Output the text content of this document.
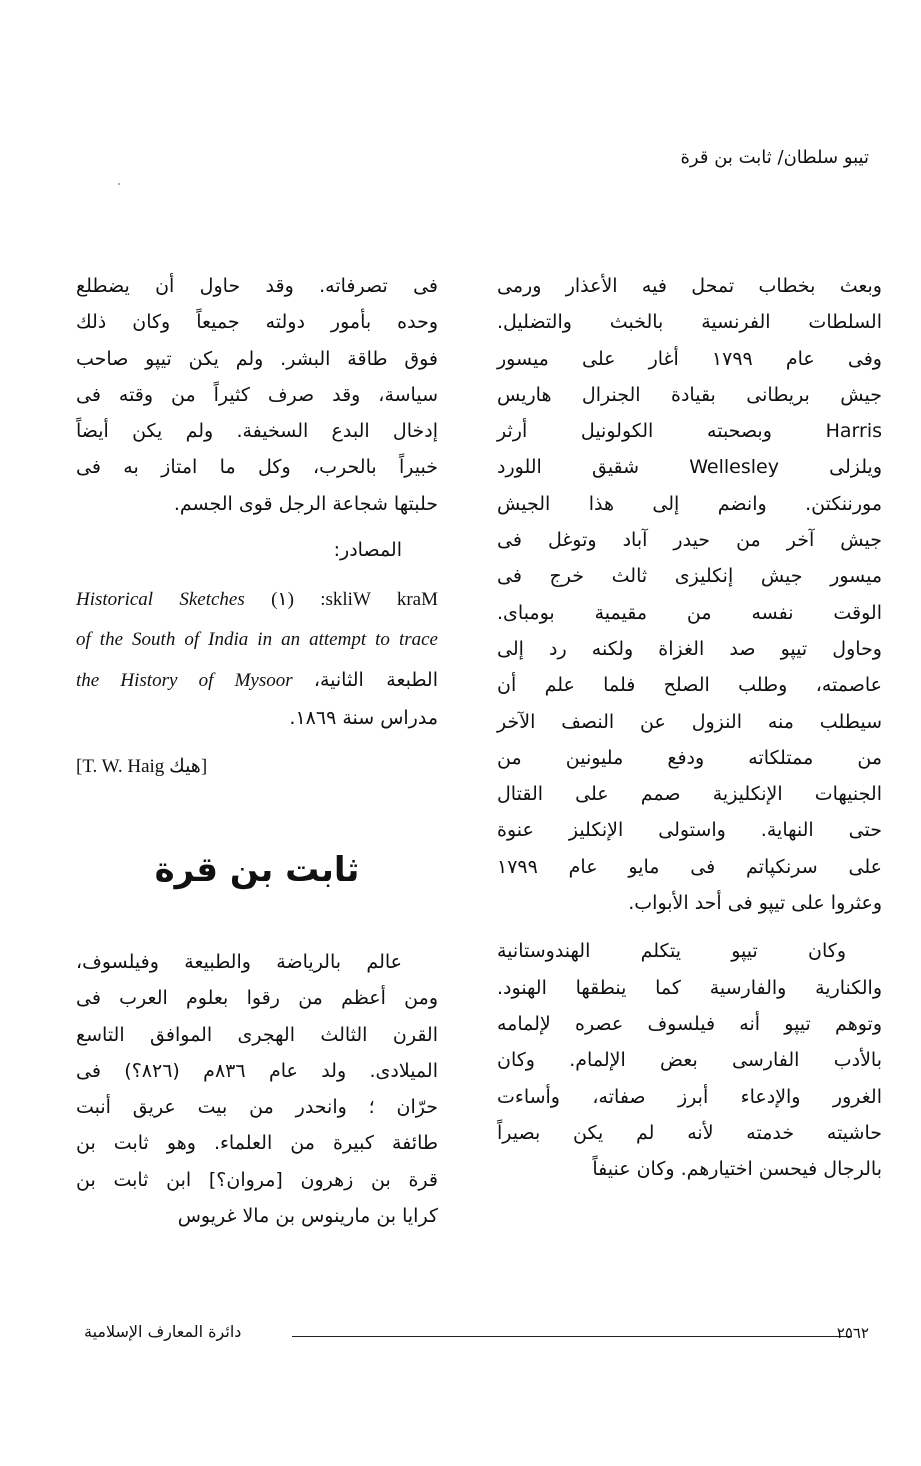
تيبو سلطان/ ثابت بن قرة
وبعث بخطاب تمحل فيه الأعذار ورمى
السلطات الفرنسية بالخبث والتضليل.
وفى عام ١٧٩٩ أغار على ميسور
جيش بريطانى بقيادة الجنرال هاريس
Harris وبصحبته الكولونيل أرثر
ويلزلى Wellesley شقيق اللورد
مورننكتن. وانضم إلى هذا الجيش
جيش آخر من حيدر آباد وتوغل فى
ميسور جيش إنكليزى ثالث خرج فى
الوقت نفسه من مقيمية بومباى.
وحاول تيپو صد الغزاة ولكنه رد إلى
عاصمته، وطلب الصلح فلما علم أن
سيطلب منه النزول عن النصف الآخر
من ممتلكاته ودفع مليونين من
الجنيهات الإنكليزية صمم على القتال
حتى النهاية. واستولى الإنكليز عنوة
على سرنكپاتم فى مايو عام ١٧٩٩
وعثروا على تيپو فى أحد الأبواب.
وكان تيپو يتكلم الهندوستانية
والكنارية والفارسية كما ينطقها الهنود.
وتوهم تيپو أنه فيلسوف عصره لإلمامه
بالأدب الفارسى بعض الإلمام. وكان
الغرور والإدعاء أبرز صفاته، وأساءت
حاشيته خدمته لأنه لم يكن بصيراً
بالرجال فيحسن اختيارهم. وكان عنيفاً
فى تصرفاته. وقد حاول أن يضطلع
وحده بأمور دولته جميعاً وكان ذلك
فوق طاقة البشر. ولم يكن تيپو صاحب
سياسة، وقد صرف كثيراً من وقته فى
إدخال البدع السخيفة. ولم يكن أيضاً
خبيراً بالحرب، وكل ما امتاز به فى
حلبتها شجاعة الرجل قوى الجسم.
المصادر:
Historical Sketches	Mark Wilks: (١)
of the South of India in an attempt to trace
the History of Mysoor الطبعة الثانية،
مدراس سنة ١٨٦٩.
[T. W. Haig هيك]
ثابت بن قرة
عالم بالرياضة والطبيعة وفيلسوف،
ومن أعظم من رقوا بعلوم العرب فى
القرن الثالث الهجرى الموافق التاسع
الميلادى. ولد عام ٨٣٦م (٨٢٦؟) فى
حرّان ؛ وانحدر من بيت عريق أنبت
طائفة كبيرة من العلماء. وهو ثابت بن
قرة بن زهرون [مروان؟] ابن ثابت بن
كرايا بن مارينوس بن مالا غريوس
دائرة المعارف الإسلامية	٢٥٦٢
